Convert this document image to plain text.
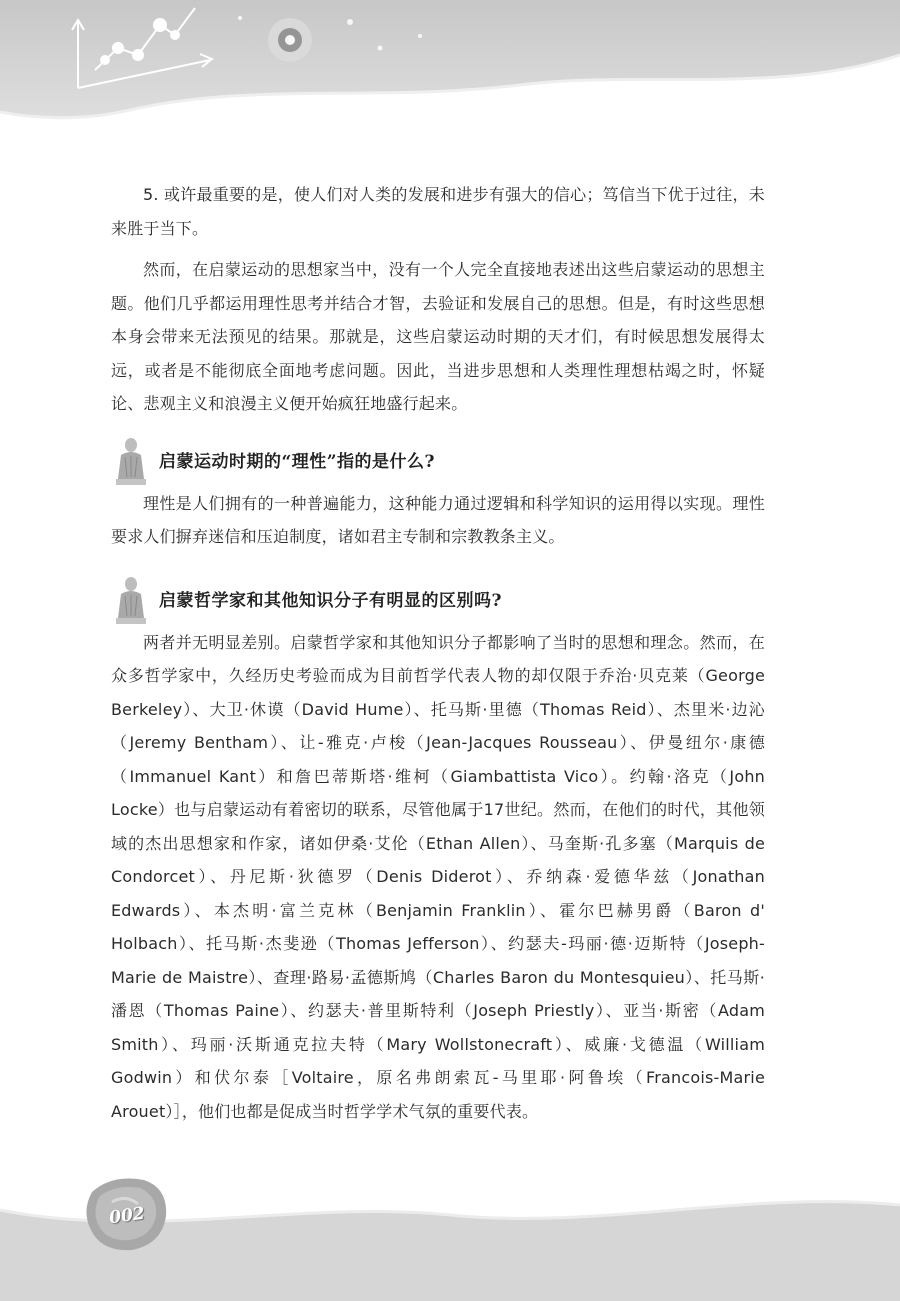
5. 或许最重要的是，使人们对人类的发展和进步有强大的信心；笃信当下优于过往，未来胜于当下。

然而，在启蒙运动的思想家当中，没有一个人完全直接地表述出这些启蒙运动的思想主题。他们几乎都运用理性思考并结合才智，去验证和发展自己的思想。但是，有时这些思想本身会带来无法预见的结果。那就是，这些启蒙运动时期的天才们，有时候思想发展得太远，或者是不能彻底全面地考虑问题。因此，当进步思想和人类理性理想枯竭之时，怀疑论、悲观主义和浪漫主义便开始疯狂地盛行起来。

启蒙运动时期的“理性”指的是什么?

理性是人们拥有的一种普遍能力，这种能力通过逻辑和科学知识的运用得以实现。理性要求人们摒弃迷信和压迫制度，诸如君主专制和宗教教条主义。

启蒙哲学家和其他知识分子有明显的区别吗?

两者并无明显差别。启蒙哲学家和其他知识分子都影响了当时的思想和理念。然而，在众多哲学家中，久经历史考验而成为目前哲学代表人物的却仅限于乔治·贝克莱（George Berkeley）、大卫·休谟（David Hume）、托马斯·里德（Thomas Reid）、杰里米·边沁（Jeremy Bentham）、让-雅克·卢梭（Jean-Jacques Rousseau）、伊曼纽尔·康德（Immanuel Kant）和詹巴蒂斯塔·维柯（Giambattista Vico）。约翰·洛克（John Locke）也与启蒙运动有着密切的联系，尽管他属于17世纪。然而，在他们的时代，其他领域的杰出思想家和作家，诸如伊桑·艾伦（Ethan Allen）、马奎斯·孔多塞（Marquis de Condorcet）、丹尼斯·狄德罗（Denis Diderot）、乔纳森·爱德华兹（Jonathan Edwards）、本杰明·富兰克林（Benjamin Franklin）、霍尔巴赫男爵（Baron d' Holbach）、托马斯·杰斐逊（Thomas Jefferson）、约瑟夫-玛丽·德·迈斯特（Joseph-Marie de Maistre）、查理·路易·孟德斯鸠（Charles Baron du Montesquieu）、托马斯·潘恩（Thomas Paine）、约瑟夫·普里斯特利（Joseph Priestly）、亚当·斯密（Adam Smith）、玛丽·沃斯通克拉夫特（Mary Wollstonecraft）、威廉·戈德温（William Godwin）和伏尔泰［Voltaire，原名弗朗索瓦-马里耶·阿鲁埃（Francois-Marie Arouet）］，他们也都是促成当时哲学学术气氛的重要代表。

002
